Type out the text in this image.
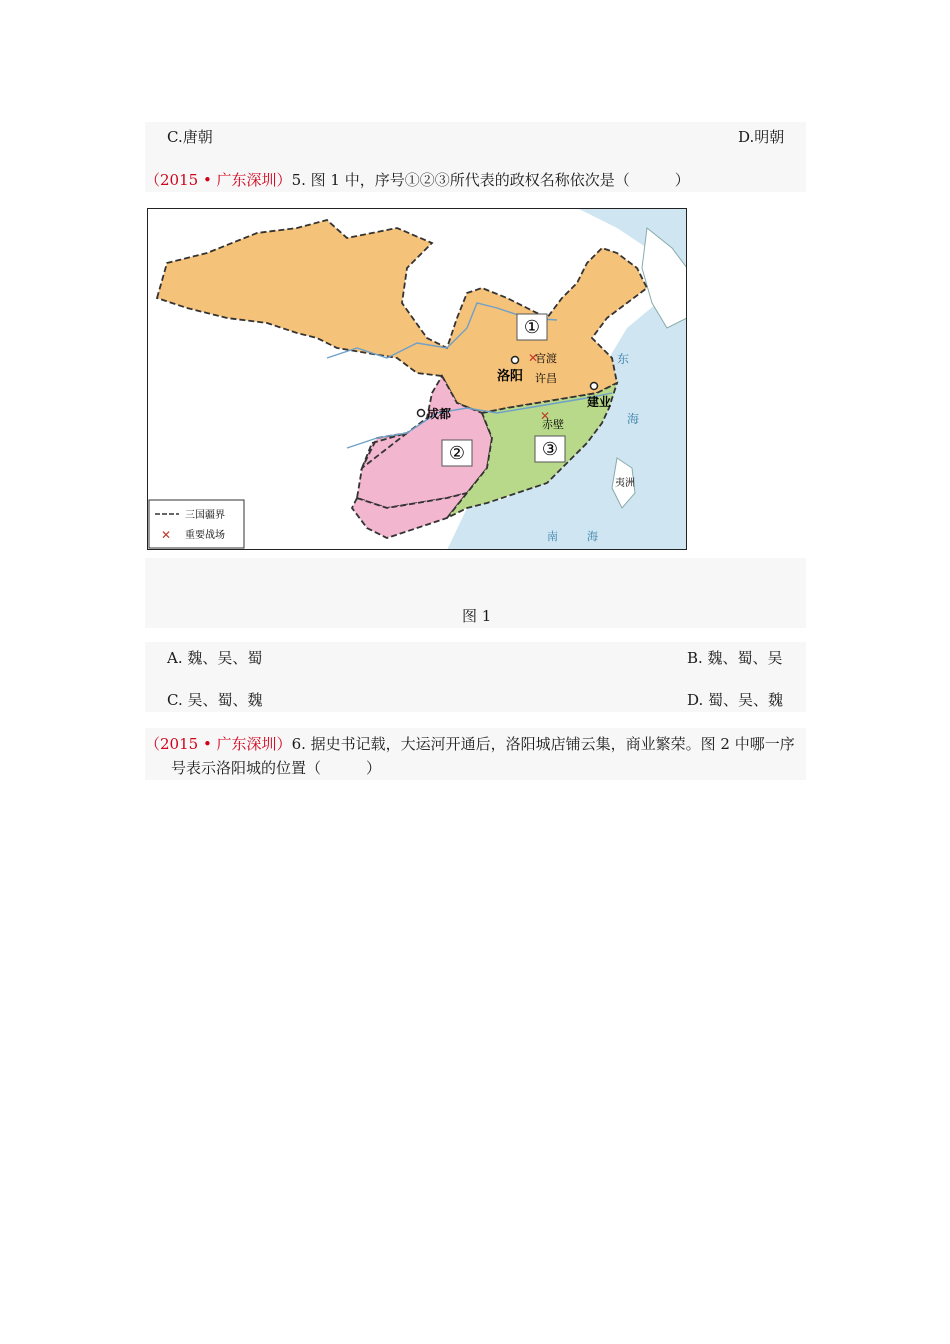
C.唐朝	D.明朝
（2015 • 广东深圳）5. 图 1 中，序号①②③所代表的政权名称依次是（　　　）
①
②	③
洛阳
官渡
许昌
✕
成都
建业
✕
赤壁
东
海
南	海
夷洲
三国疆界
✕ 重要战场
图 1
A. 魏、吴、蜀	B. 魏、蜀、吴
C. 吴、蜀、魏	D. 蜀、吴、魏
（2015 • 广东深圳）6. 据史书记载，大运河开通后，洛阳城店铺云集，商业繁荣。图 2 中哪一序
号表示洛阳城的位置（　　　）
